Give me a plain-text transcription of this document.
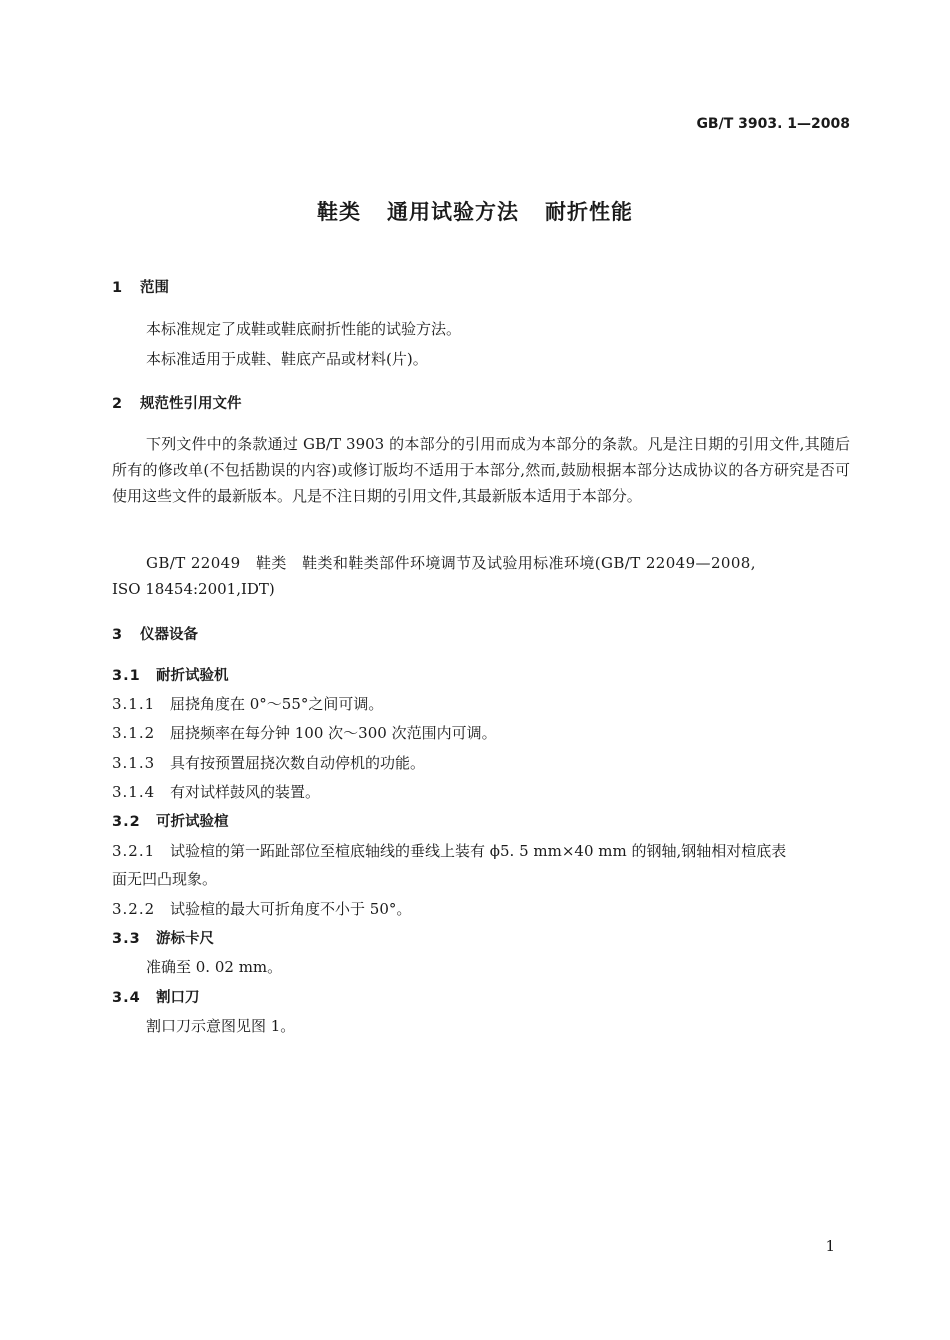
GB/T 3903. 1—2008
鞋类 通用试验方法 耐折性能
1 范围
本标准规定了成鞋或鞋底耐折性能的试验方法。
本标准适用于成鞋、鞋底产品或材料(片)。
2 规范性引用文件
下列文件中的条款通过 GB/T 3903 的本部分的引用而成为本部分的条款。凡是注日期的引用文件,其随后所有的修改单(不包括勘误的内容)或修订版均不适用于本部分,然而,鼓励根据本部分达成协议的各方研究是否可使用这些文件的最新版本。凡是不注日期的引用文件,其最新版本适用于本部分。
GB/T 22049　鞋类　鞋类和鞋类部件环境调节及试验用标准环境(GB/T 22049—2008,
ISO 18454:2001,IDT)
3 仪器设备
3.1 耐折试验机
3.1.1 屈挠角度在 0°～55°之间可调。
3.1.2 屈挠频率在每分钟 100 次～300 次范围内可调。
3.1.3 具有按预置屈挠次数自动停机的功能。
3.1.4 有对试样鼓风的装置。
3.2 可折试验楦
3.2.1 试验楦的第一跖趾部位至楦底轴线的垂线上装有 ϕ5. 5 mm×40 mm 的钢轴,钢轴相对楦底表
面无凹凸现象。
3.2.2 试验楦的最大可折角度不小于 50°。
3.3 游标卡尺
准确至 0. 02 mm。
3.4 割口刀
割口刀示意图见图 1。
1
